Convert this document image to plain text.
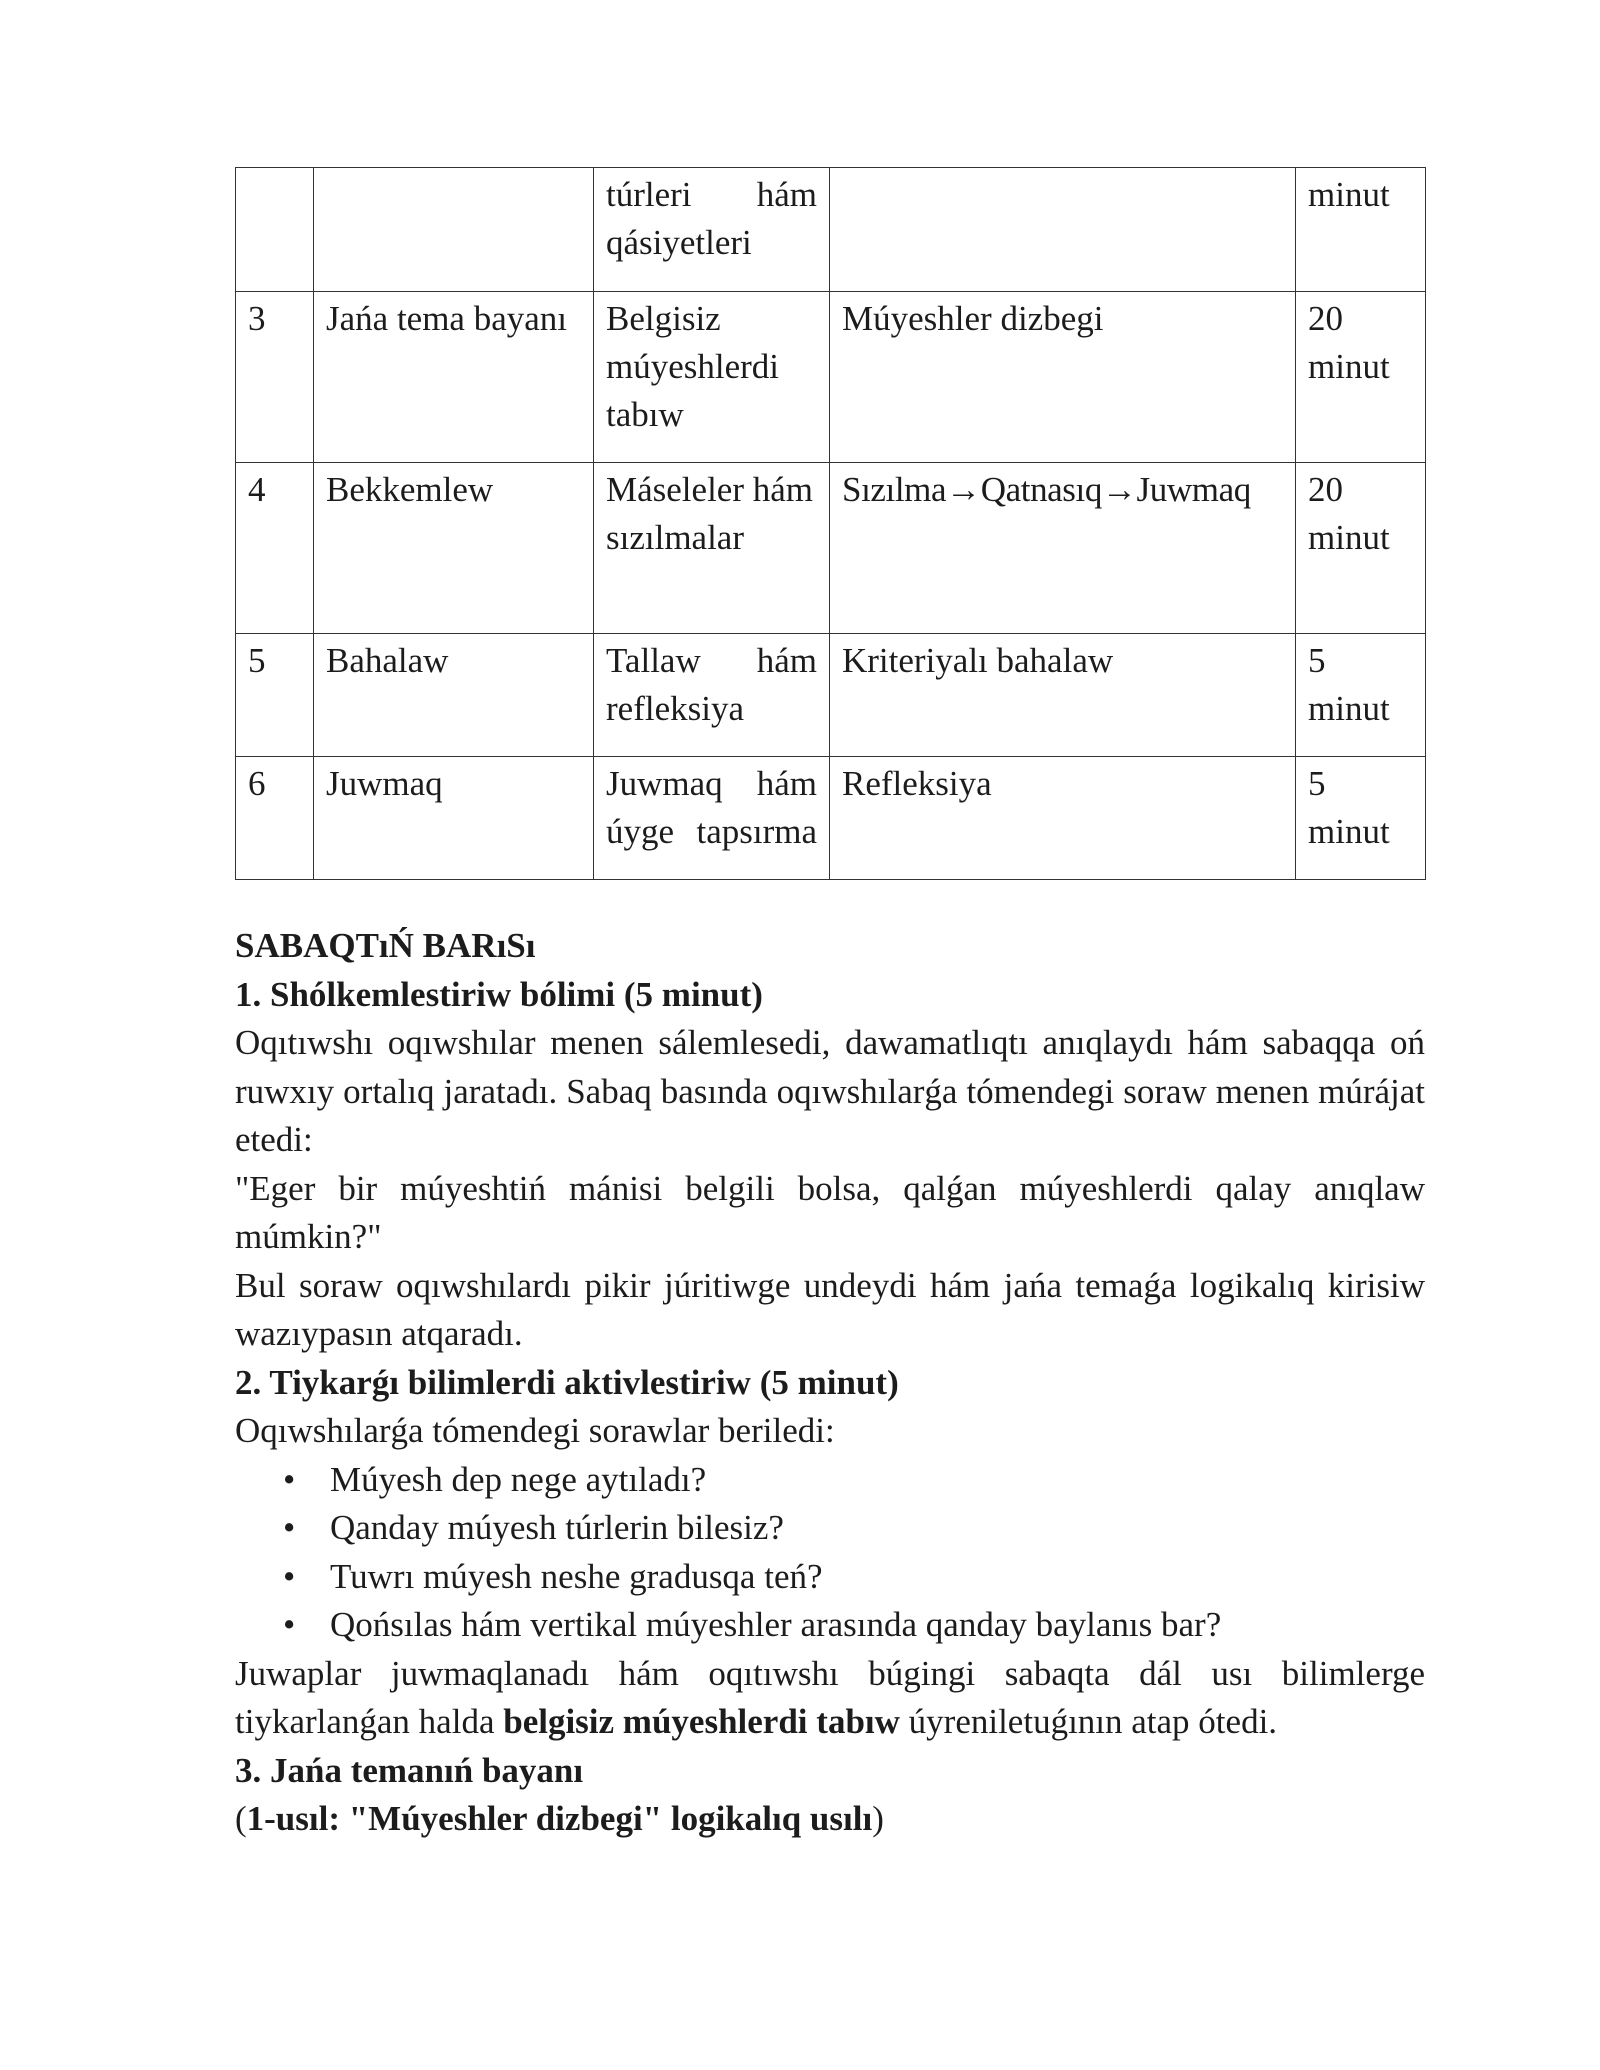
		túrleri hám qásiyetleri		minut
3	Jańa tema bayanı	Belgisiz múyeshlerdi tabıw	Múyeshler dizbegi	20 minut
4	Bekkemlew	Máseleler hám sızılmalar	Sızılma→Qatnasıq→Juwmaq	20 minut
5	Bahalaw	Tallaw hám refleksiya	Kriteriyalı bahalaw	5 minut
6	Juwmaq	Juwmaq hám úyge tapsırma	Refleksiya	5 minut

SABAQTıŃ BARıSı

1. Shólkemlestiriw bólimi (5 minut)

Oqıtıwshı oqıwshılar menen sálemlesedi, dawamatlıqtı anıqlaydı hám sabaqqa oń ruwxıy ortalıq jaratadı. Sabaq basında oqıwshılarǵa tómendegi soraw menen múrájat etedi:

"Eger bir múyeshtiń mánisi belgili bolsa, qalǵan múyeshlerdi qalay anıqlaw múmkin?"

Bul soraw oqıwshılardı pikir júritiwge undeydi hám jańa temaǵa logikalıq kirisiw wazıypasın atqaradı.

2. Tiykarǵı bilimlerdi aktivlestiriw (5 minut)

Oqıwshılarǵa tómendegi sorawlar beriledi:

• Múyesh dep nege aytıladı?
• Qanday múyesh túrlerin bilesiz?
• Tuwrı múyesh neshe gradusqa teń?
• Qońsılas hám vertikal múyeshler arasında qanday baylanıs bar?

Juwaplar juwmaqlanadı hám oqıtıwshı búgingi sabaqta dál usı bilimlerge tiykarlanǵan halda belgisiz múyeshlerdi tabıw úyreniletuǵının atap ótedi.

3. Jańa temanıń bayanı

(1-usıl: "Múyeshler dizbegi" logikalıq usılı)
